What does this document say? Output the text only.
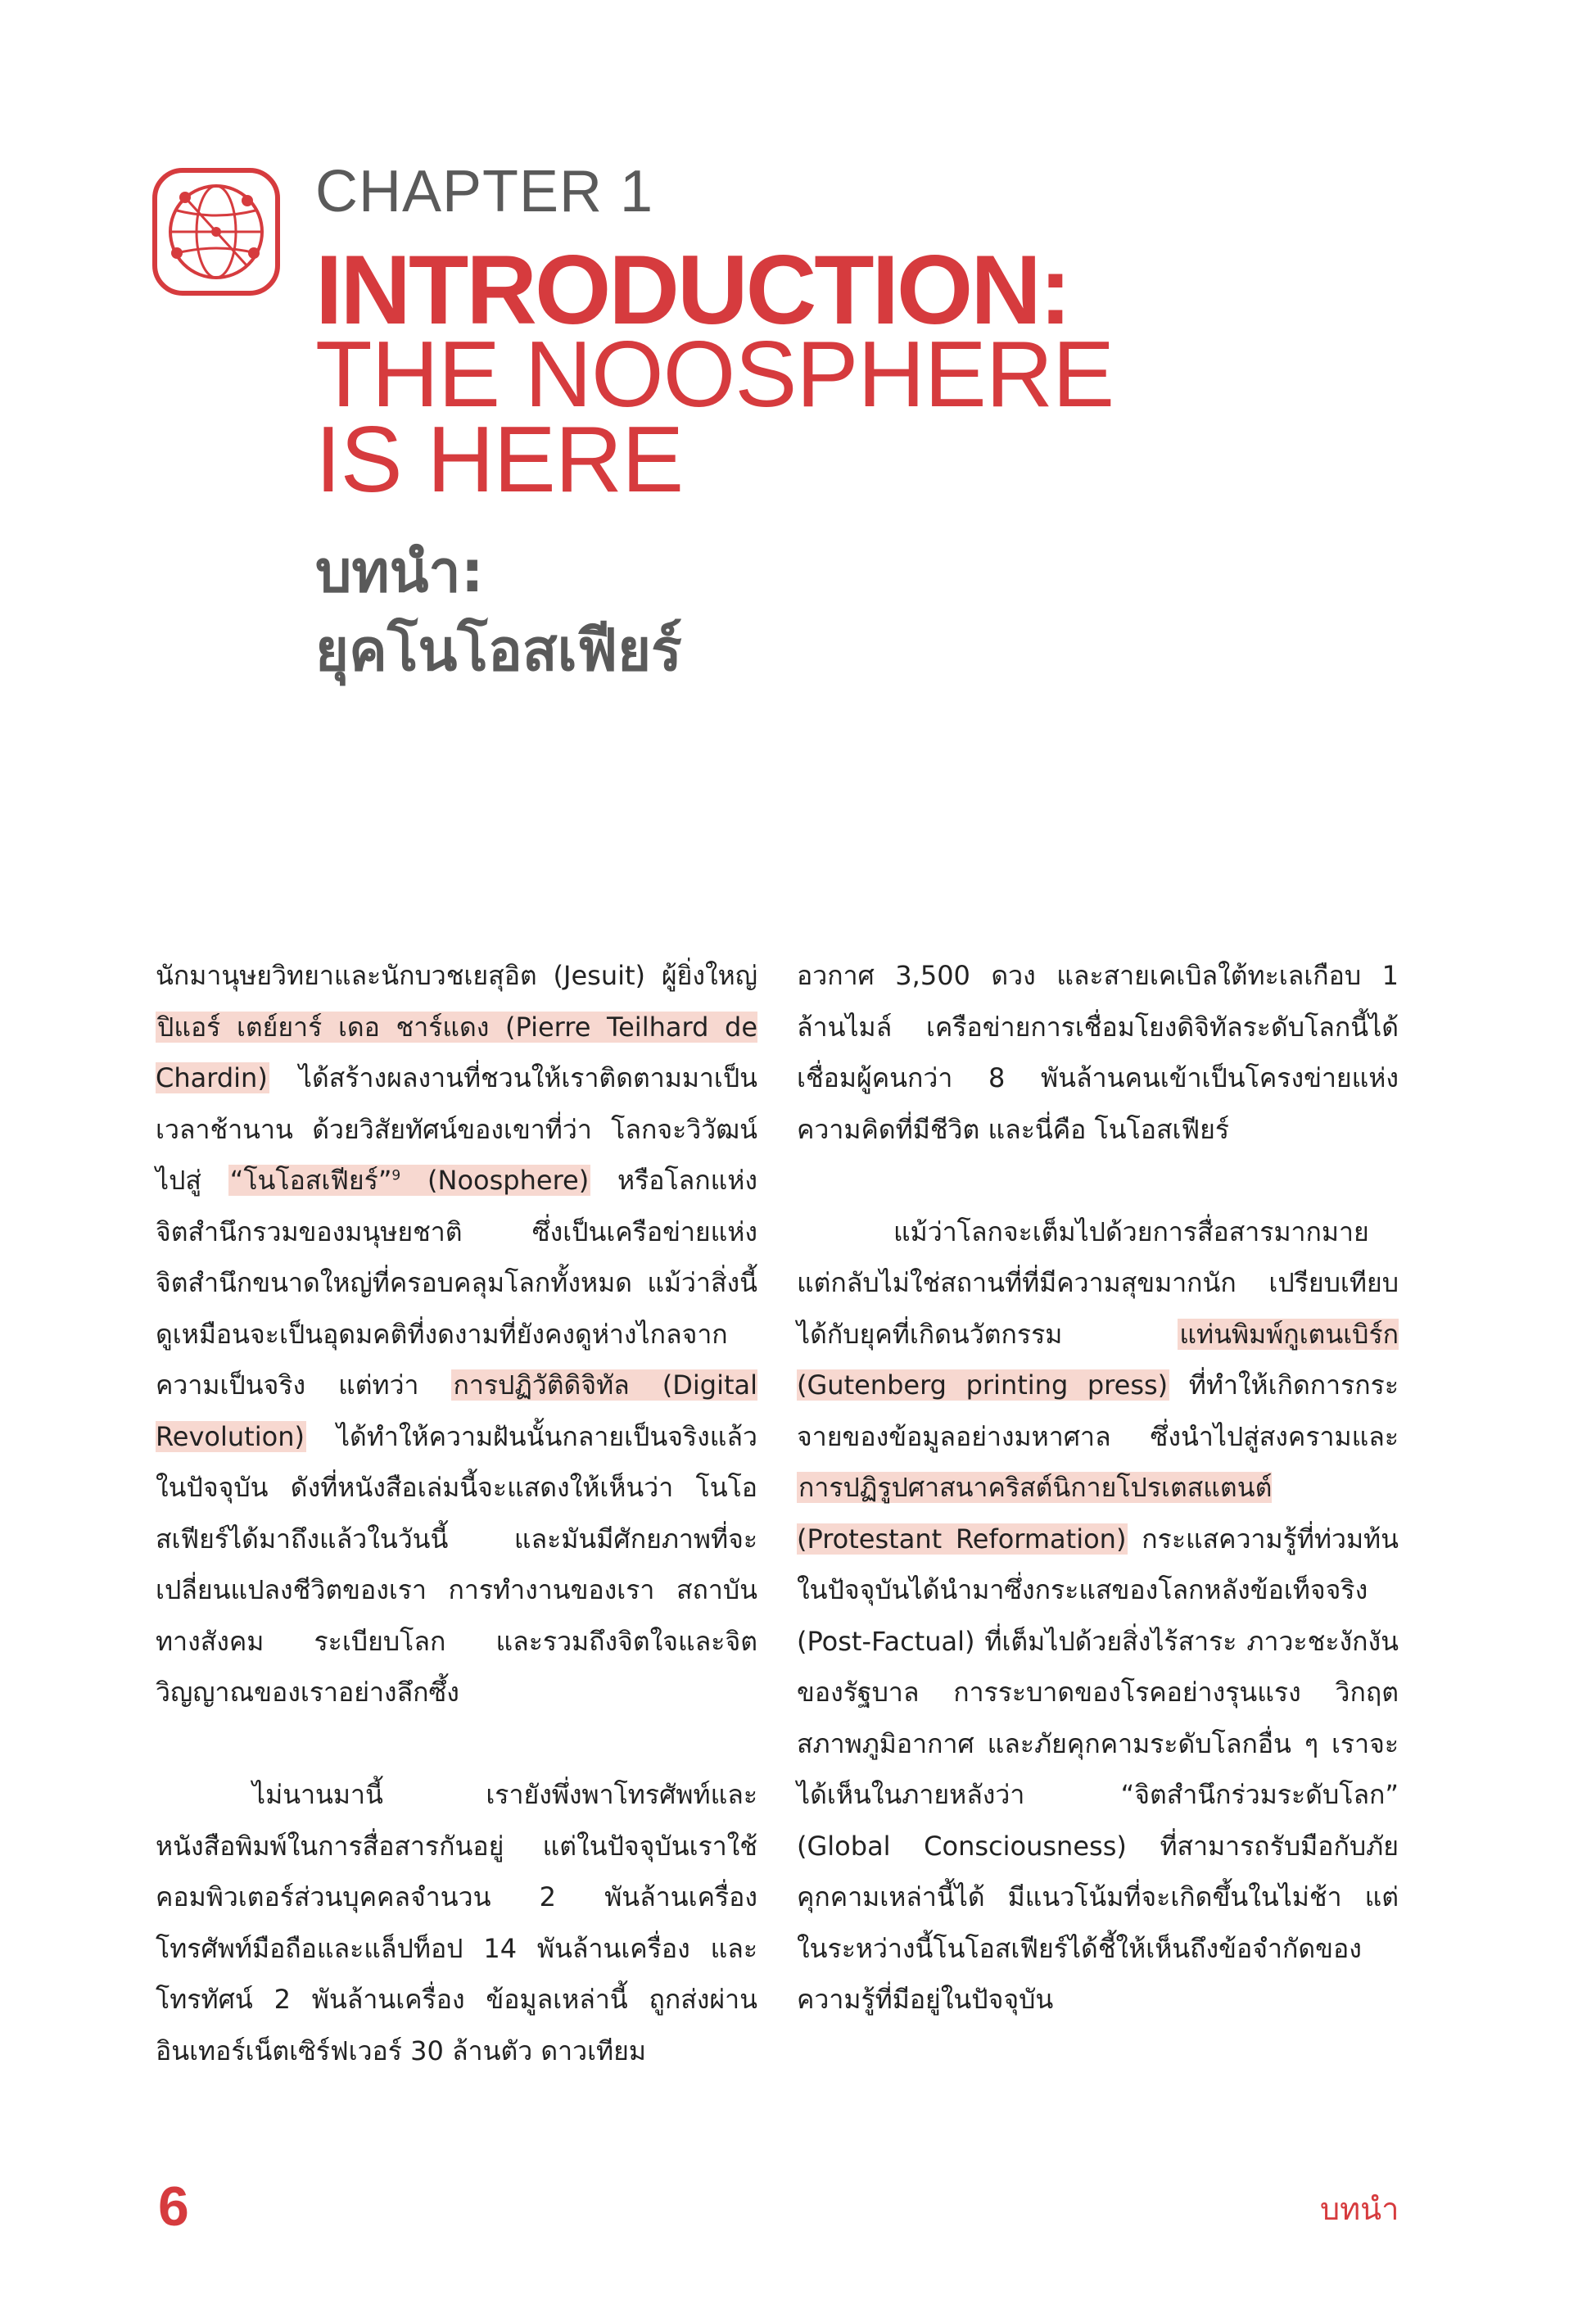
CHAPTER 1
INTRODUCTION:
THE NOOSPHERE
IS HERE
บทนำ:
ยุคโนโอสเฟียร์

นักมานุษยวิทยาและนักบวชเยสุอิต (Jesuit) ผู้ยิ่งใหญ่ ปิแอร์ เตย์ยาร์ เดอ ชาร์แดง (Pierre Teilhard de Chardin) ได้สร้างผลงานที่ชวนให้เราติดตามมาเป็นเวลาช้านาน ด้วยวิสัยทัศน์ของเขาที่ว่า โลกจะวิวัฒน์ไปสู่ “โนโอสเฟียร์”$^9$ (Noosphere) หรือโลกแห่งจิตสำนึกรวมของมนุษยชาติ ซึ่งเป็นเครือข่ายแห่งจิตสำนึกขนาดใหญ่ที่ครอบคลุมโลกทั้งหมด แม้ว่าสิ่งนี้ดูเหมือนจะเป็นอุดมคติที่งดงามที่ยังคงดูห่างไกลจากความเป็นจริง แต่ทว่า การปฏิวัติดิจิทัล (Digital Revolution) ได้ทำให้ความฝันนั้นกลายเป็นจริงแล้วในปัจจุบัน ดังที่หนังสือเล่มนี้จะแสดงให้เห็นว่า โนโอสเฟียร์ได้มาถึงแล้วในวันนี้ และมันมีศักยภาพที่จะเปลี่ยนแปลงชีวิตของเรา การทำงานของเรา สถาบันทางสังคม ระเบียบโลก และรวมถึงจิตใจและจิตวิญญาณของเราอย่างลึกซึ้ง

ไม่นานมานี้ เรายังพึ่งพาโทรศัพท์และหนังสือพิมพ์ในการสื่อสารกันอยู่ แต่ในปัจจุบันเราใช้คอมพิวเตอร์ส่วนบุคคลจำนวน 2 พันล้านเครื่อง โทรศัพท์มือถือและแล็ปท็อป 14 พันล้านเครื่อง และโทรทัศน์ 2 พันล้านเครื่อง ข้อมูลเหล่านี้ ถูกส่งผ่านอินเทอร์เน็ตเซิร์ฟเวอร์ 30 ล้านตัว ดาวเทียม

อวกาศ 3,500 ดวง และสายเคเบิลใต้ทะเลเกือบ 1 ล้านไมล์ เครือข่ายการเชื่อมโยงดิจิทัลระดับโลกนี้ได้เชื่อมผู้คนกว่า 8 พันล้านคนเข้าเป็นโครงข่ายแห่งความคิดที่มีชีวิต และนี่คือ โนโอสเฟียร์

แม้ว่าโลกจะเต็มไปด้วยการสื่อสารมากมาย แต่กลับไม่ใช่สถานที่ที่มีความสุขมากนัก เปรียบเทียบได้กับยุคที่เกิดนวัตกรรม แท่นพิมพ์กูเตนเบิร์ก (Gutenberg printing press) ที่ทำให้เกิดการกระจายของข้อมูลอย่างมหาศาล ซึ่งนำไปสู่สงครามและ การปฏิรูปศาสนาคริสต์นิกายโปรเตสแตนต์ (Protestant Reformation) กระแสความรู้ที่ท่วมท้นในปัจจุบันได้นำมาซึ่งกระแสของโลกหลังข้อเท็จจริง (Post-Factual) ที่เต็มไปด้วยสิ่งไร้สาระ ภาวะชะงักงันของรัฐบาล การระบาดของโรคอย่างรุนแรง วิกฤตสภาพภูมิอากาศ และภัยคุกคามระดับโลกอื่น ๆ เราจะได้เห็นในภายหลังว่า “จิตสำนึกร่วมระดับโลก” (Global Consciousness) ที่สามารถรับมือกับภัยคุกคามเหล่านี้ได้ มีแนวโน้มที่จะเกิดขึ้นในไม่ช้า แต่ในระหว่างนี้โนโอสเฟียร์ได้ชี้ให้เห็นถึงข้อจำกัดของความรู้ที่มีอยู่ในปัจจุบัน

6	บทนำ
